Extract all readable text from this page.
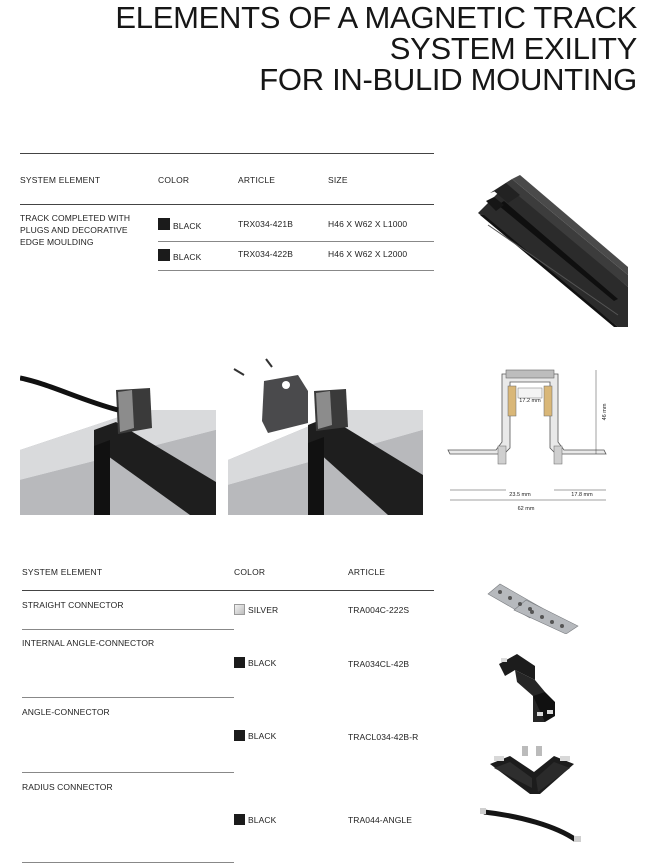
ELEMENTS OF A MAGNETIC TRACK
SYSTEM EXILITY
FOR IN-BULID MOUNTING
SYSTEM ELEMENT	COLOR	ARTICLE	SIZE
TRACK COMPLETED WITH
PLUGS AND DECORATIVE
EDGE MOULDING
BLACK	TRX034-421B	H46 X W62 X L1000
BLACK	TRX034-422B	H46 X W62 X L2000
17.2 mm
46 mm
23.5 mm	17.8 mm
62 mm
SYSTEM ELEMENT	COLOR	ARTICLE
STRAIGHT CONNECTOR	SILVER	TRA004C-222S
INTERNAL ANGLE-CONNECTOR
BLACK	TRA034CL-42B
ANGLE-CONNECTOR
BLACK	TRACL034-42B-R
RADIUS CONNECTOR
BLACK	TRA044-ANGLE
